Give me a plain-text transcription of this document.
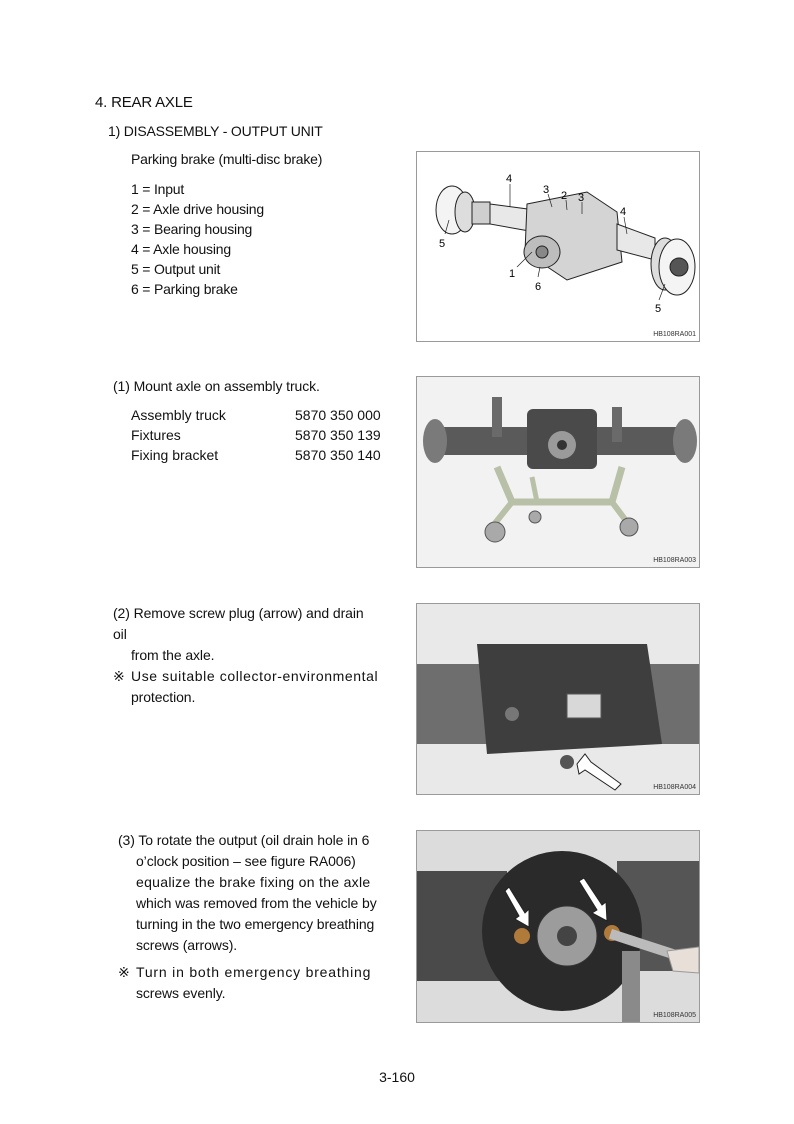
4. REAR AXLE
1) DISASSEMBLY - OUTPUT UNIT
Parking brake (multi-disc brake)
1 = Input
2 = Axle drive housing
3 = Bearing housing
4 = Axle housing
5 = Output unit
6 = Parking brake
4
3 2 3
4
5
1
6
5
HB108RA001
(1) Mount axle on assembly truck.
Assembly truck	5870 350 000
Fixtures	5870 350 139
Fixing bracket	5870 350 140
HB108RA003
(2) Remove screw plug (arrow) and drain oil
from the axle.
※ Use suitable collector-environmental
protection.
HB108RA004
(3) To rotate the output (oil drain hole in 6
o’clock position – see figure RA006)
equalize the brake fixing on the axle
which was removed from the vehicle by
turning in the two emergency breathing
screws (arrows).
※ Turn in both emergency breathing
screws evenly.
HB108RA005
3-160
